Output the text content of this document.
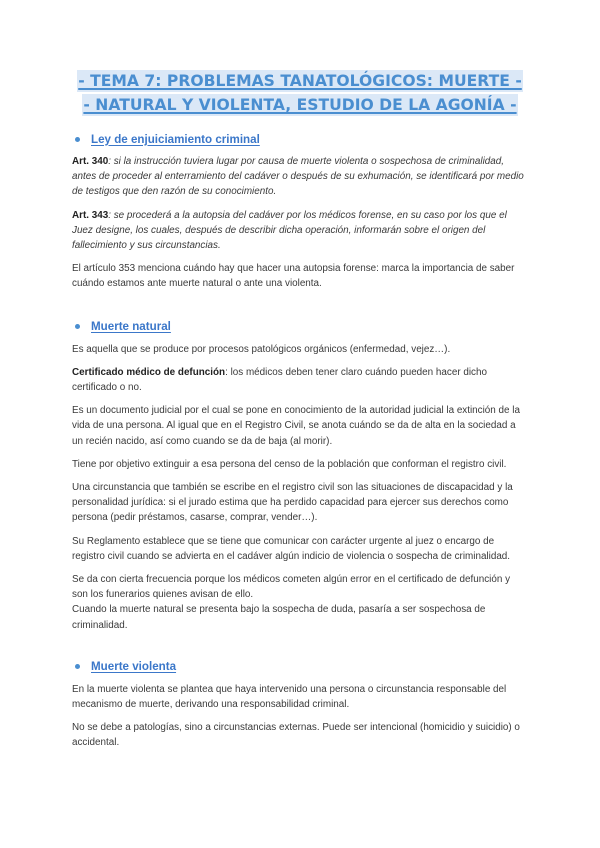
- TEMA 7: PROBLEMAS TANATOLÓGICOS: MUERTE -
- NATURAL Y VIOLENTA, ESTUDIO DE LA AGONÍA -
Ley de enjuiciamiento criminal

Art. 340: si la instrucción tuviera lugar por causa de muerte violenta o sospechosa de criminalidad, antes de proceder al enterramiento del cadáver o después de su exhumación, se identificará por medio de testigos que den razón de su conocimiento.

Art. 343: se procederá a la autopsia del cadáver por los médicos forense, en su caso por los que el Juez designe, los cuales, después de describir dicha operación, informarán sobre el origen del fallecimiento y sus circunstancias.

El artículo 353 menciona cuándo hay que hacer una autopsia forense: marca la importancia de saber cuándo estamos ante muerte natural o ante una violenta.

Muerte natural

Es aquella que se produce por procesos patológicos orgánicos (enfermedad, vejez…).

Certificado médico de defunción: los médicos deben tener claro cuándo pueden hacer dicho certificado o no.

Es un documento judicial por el cual se pone en conocimiento de la autoridad judicial la extinción de la vida de una persona. Al igual que en el Registro Civil, se anota cuándo se da de alta en la sociedad a un recién nacido, así como cuando se da de baja (al morir).

Tiene por objetivo extinguir a esa persona del censo de la población que conforman el registro civil.

Una circunstancia que también se escribe en el registro civil son las situaciones de discapacidad y la personalidad jurídica: si el jurado estima que ha perdido capacidad para ejercer sus derechos como persona (pedir préstamos, casarse, comprar, vender…).

Su Reglamento establece que se tiene que comunicar con carácter urgente al juez o encargo de registro civil cuando se advierta en el cadáver algún indicio de violencia o sospecha de criminalidad.

Se da con cierta frecuencia porque los médicos cometen algún error en el certificado de defunción y son los funerarios quienes avisan de ello.

Cuando la muerte natural se presenta bajo la sospecha de duda, pasaría a ser sospechosa de criminalidad.

Muerte violenta

En la muerte violenta se plantea que haya intervenido una persona o circunstancia responsable del mecanismo de muerte, derivando una responsabilidad criminal.

No se debe a patologías, sino a circunstancias externas. Puede ser intencional (homicidio y suicidio) o accidental.
